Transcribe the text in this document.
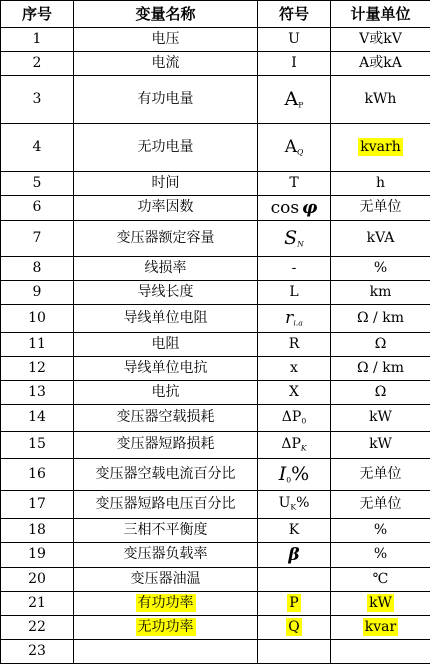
序号	变量名称	符号	计量单位
1	电压	U	V或kV
2	电流	I	A或kA
3	有功电量	$A_P$	kWh
4	无功电量	$A_Q$	kvarh
5	时间	T	h
6	功率因数	cos φ	无单位
7	变压器额定容量	$S_N$	kVA
8	线损率	-	%
9	导线长度	L	km
10	导线单位电阻	$r_{i.a}$	Ω / km
11	电阻	R	Ω
12	导线单位电抗	x	Ω / km
13	电抗	X	Ω
14	变压器空载损耗	$\Delta P_0$	kW
15	变压器短路损耗	$\Delta P_K$	kW
16	变压器空载电流百分比	$I_0\%$	无单位
17	变压器短路电压百分比	$U_K\%$	无单位
18	三相不平衡度	K	%
19	变压器负载率	β	%
20	变压器油温		℃
21	有功功率	P	kW
22	无功功率	Q	kvar
23			
